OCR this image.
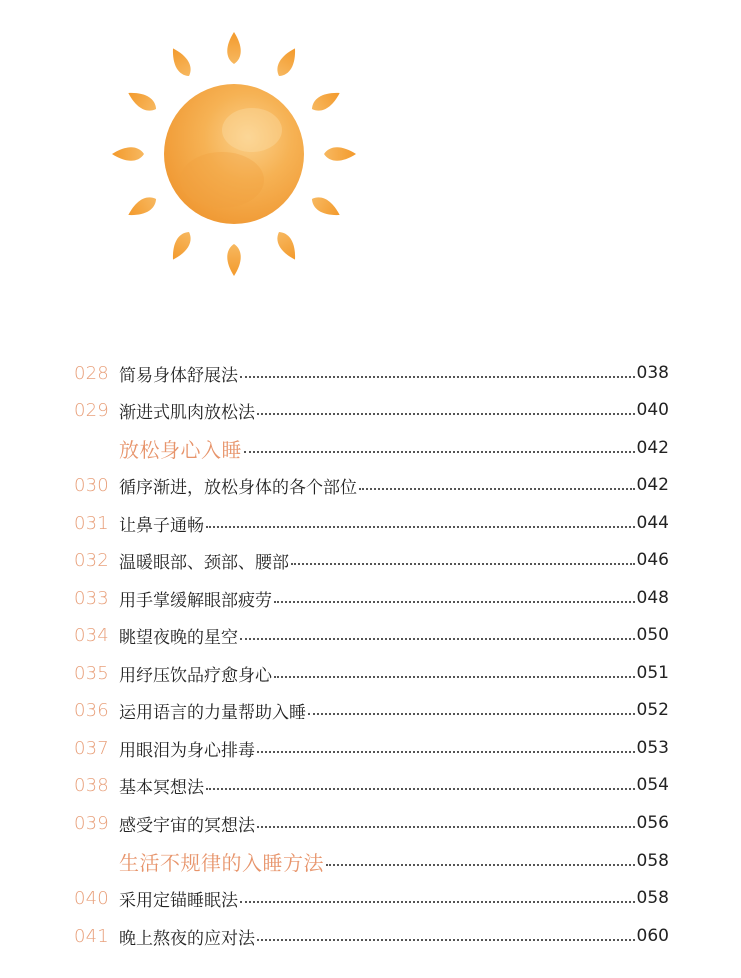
028 简易身体舒展法	038
029 渐进式肌肉放松法	040
放松身心入睡	042
030 循序渐进，放松身体的各个部位	042
031 让鼻子通畅	044
032 温暖眼部、颈部、腰部	046
033 用手掌缓解眼部疲劳	048
034 眺望夜晚的星空	050
035 用纾压饮品疗愈身心	051
036 运用语言的力量帮助入睡	052
037 用眼泪为身心排毒	053
038 基本冥想法	054
039 感受宇宙的冥想法	056
生活不规律的入睡方法	058
040 采用定锚睡眠法	058
041 晚上熬夜的应对法	060
